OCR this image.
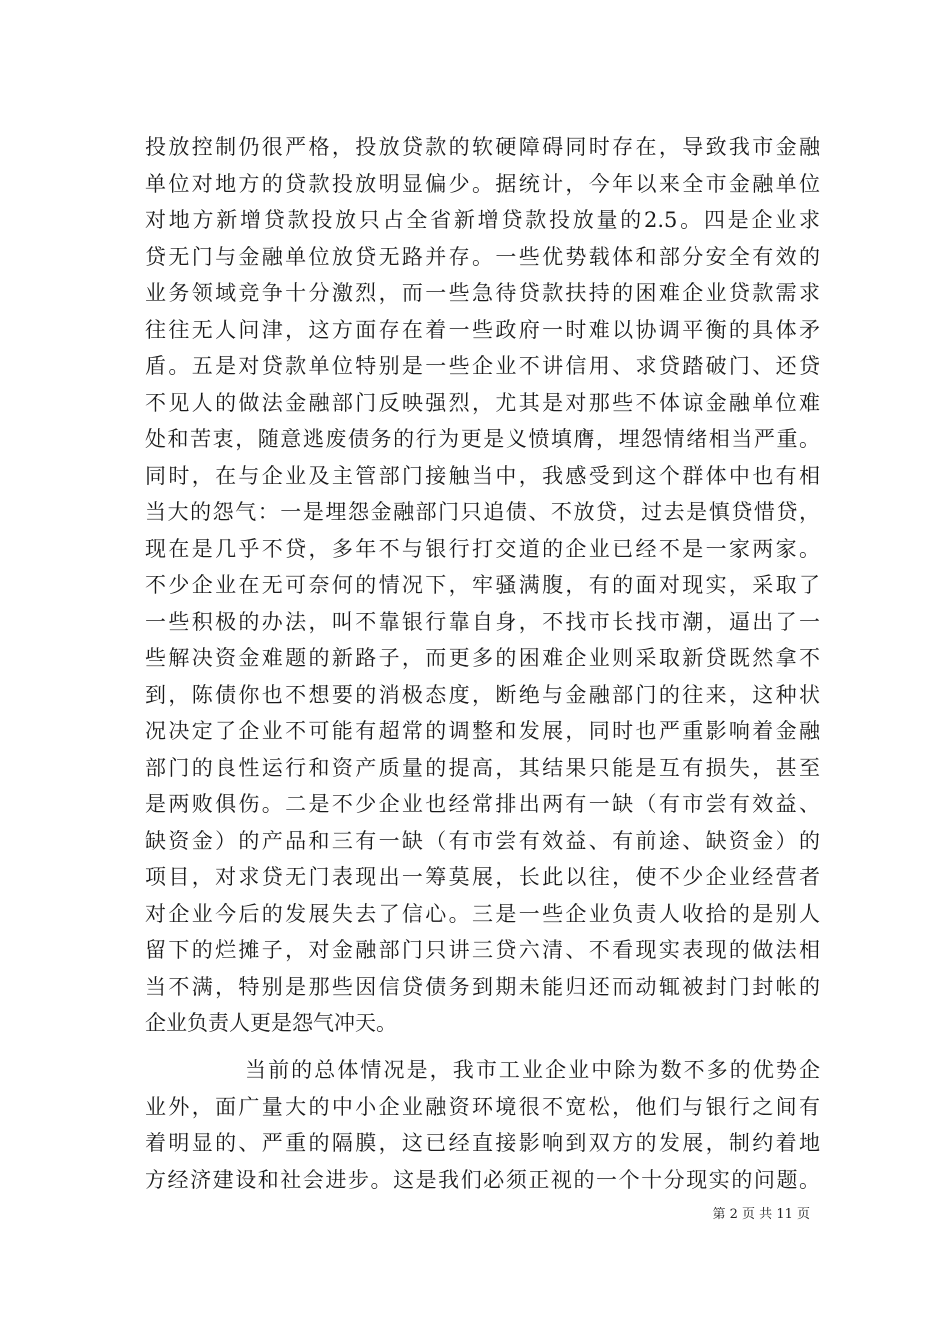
投放控制仍很严格，投放贷款的软硬障碍同时存在，导致我市金融
单位对地方的贷款投放明显偏少。据统计，今年以来全市金融单位
对地方新增贷款投放只占全省新增贷款投放量的2.5。四是企业求
贷无门与金融单位放贷无路并存。一些优势载体和部分安全有效的
业务领域竞争十分激烈，而一些急待贷款扶持的困难企业贷款需求
往往无人问津，这方面存在着一些政府一时难以协调平衡的具体矛
盾。五是对贷款单位特别是一些企业不讲信用、求贷踏破门、还贷
不见人的做法金融部门反映强烈，尤其是对那些不体谅金融单位难
处和苦衷，随意逃废债务的行为更是义愤填膺，埋怨情绪相当严重。
同时，在与企业及主管部门接触当中，我感受到这个群体中也有相
当大的怨气：一是埋怨金融部门只追债、不放贷，过去是慎贷惜贷，
现在是几乎不贷，多年不与银行打交道的企业已经不是一家两家。
不少企业在无可奈何的情况下，牢骚满腹，有的面对现实，采取了
一些积极的办法，叫不靠银行靠自身，不找市长找市潮，逼出了一
些解决资金难题的新路子，而更多的困难企业则采取新贷既然拿不
到，陈债你也不想要的消极态度，断绝与金融部门的往来，这种状
况决定了企业不可能有超常的调整和发展，同时也严重影响着金融
部门的良性运行和资产质量的提高，其结果只能是互有损失，甚至
是两败俱伤。二是不少企业也经常排出两有一缺（有市尝有效益、
缺资金）的产品和三有一缺（有市尝有效益、有前途、缺资金）的
项目，对求贷无门表现出一筹莫展，长此以往，使不少企业经营者
对企业今后的发展失去了信心。三是一些企业负责人收拾的是别人
留下的烂摊子，对金融部门只讲三贷六清、不看现实表现的做法相
当不满，特别是那些因信贷债务到期未能归还而动辄被封门封帐的
企业负责人更是怨气冲天。
当前的总体情况是，我市工业企业中除为数不多的优势企
业外，面广量大的中小企业融资环境很不宽松，他们与银行之间有
着明显的、严重的隔膜，这已经直接影响到双方的发展，制约着地
方经济建设和社会进步。这是我们必须正视的一个十分现实的问题。
第 2 页 共 11 页
